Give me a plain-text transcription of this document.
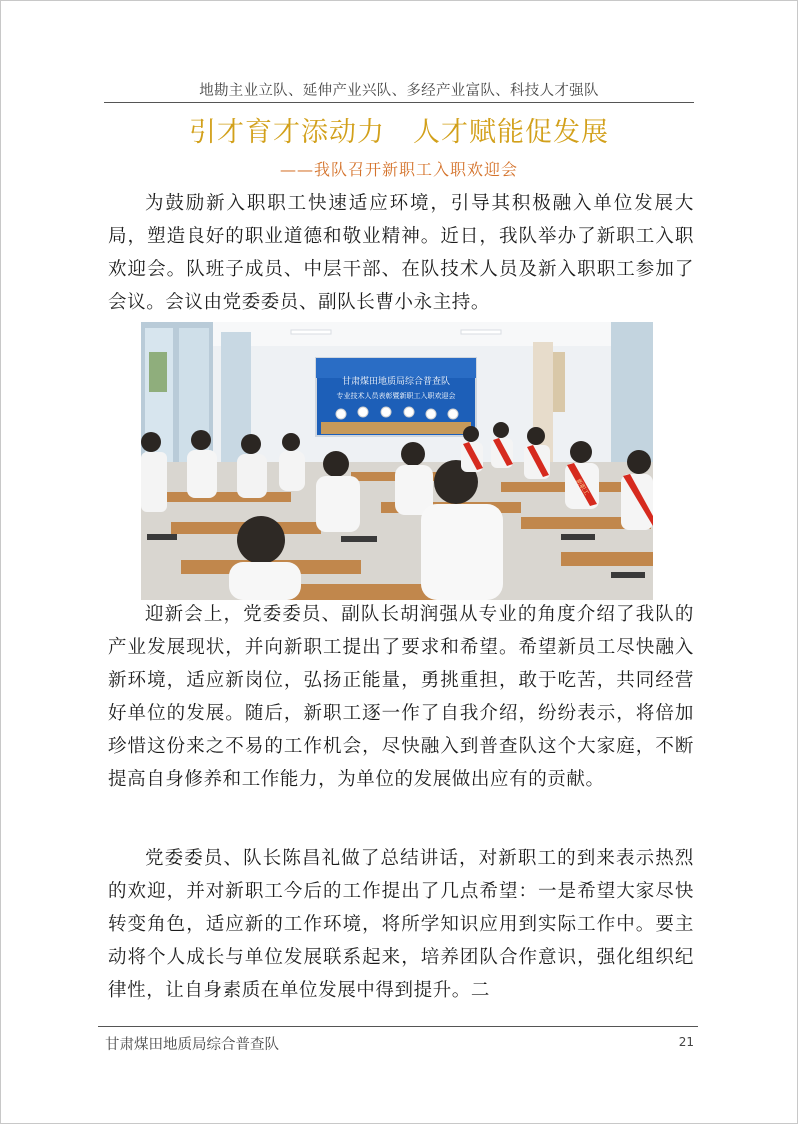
地勘主业立队、延伸产业兴队、多经产业富队、科技人才强队
引才育才添动力　人才赋能促发展
——我队召开新职工入职欢迎会

为鼓励新入职职工快速适应环境，引导其积极融入单位发展大局，塑造良好的职业道德和敬业精神。近日，我队举办了新职工入职欢迎会。队班子成员、中层干部、在队技术人员及新入职职工参加了会议。会议由党委委员、副队长曹小永主持。

甘肃煤田地质局综合普查队
专业技术人员表彰暨新职工入职欢迎会
新职工

迎新会上，党委委员、副队长胡润强从专业的角度介绍了我队的产业发展现状，并向新职工提出了要求和希望。希望新员工尽快融入新环境，适应新岗位，弘扬正能量，勇挑重担，敢于吃苦，共同经营好单位的发展。随后，新职工逐一作了自我介绍，纷纷表示，将倍加珍惜这份来之不易的工作机会，尽快融入到普查队这个大家庭，不断提高自身修养和工作能力，为单位的发展做出应有的贡献。

党委委员、队长陈昌礼做了总结讲话，对新职工的到来表示热烈的欢迎，并对新职工今后的工作提出了几点希望：一是希望大家尽快转变角色，适应新的工作环境，将所学知识应用到实际工作中。要主动将个人成长与单位发展联系起来，培养团队合作意识，强化组织纪律性，让自身素质在单位发展中得到提升。二

甘肃煤田地质局综合普查队	21
